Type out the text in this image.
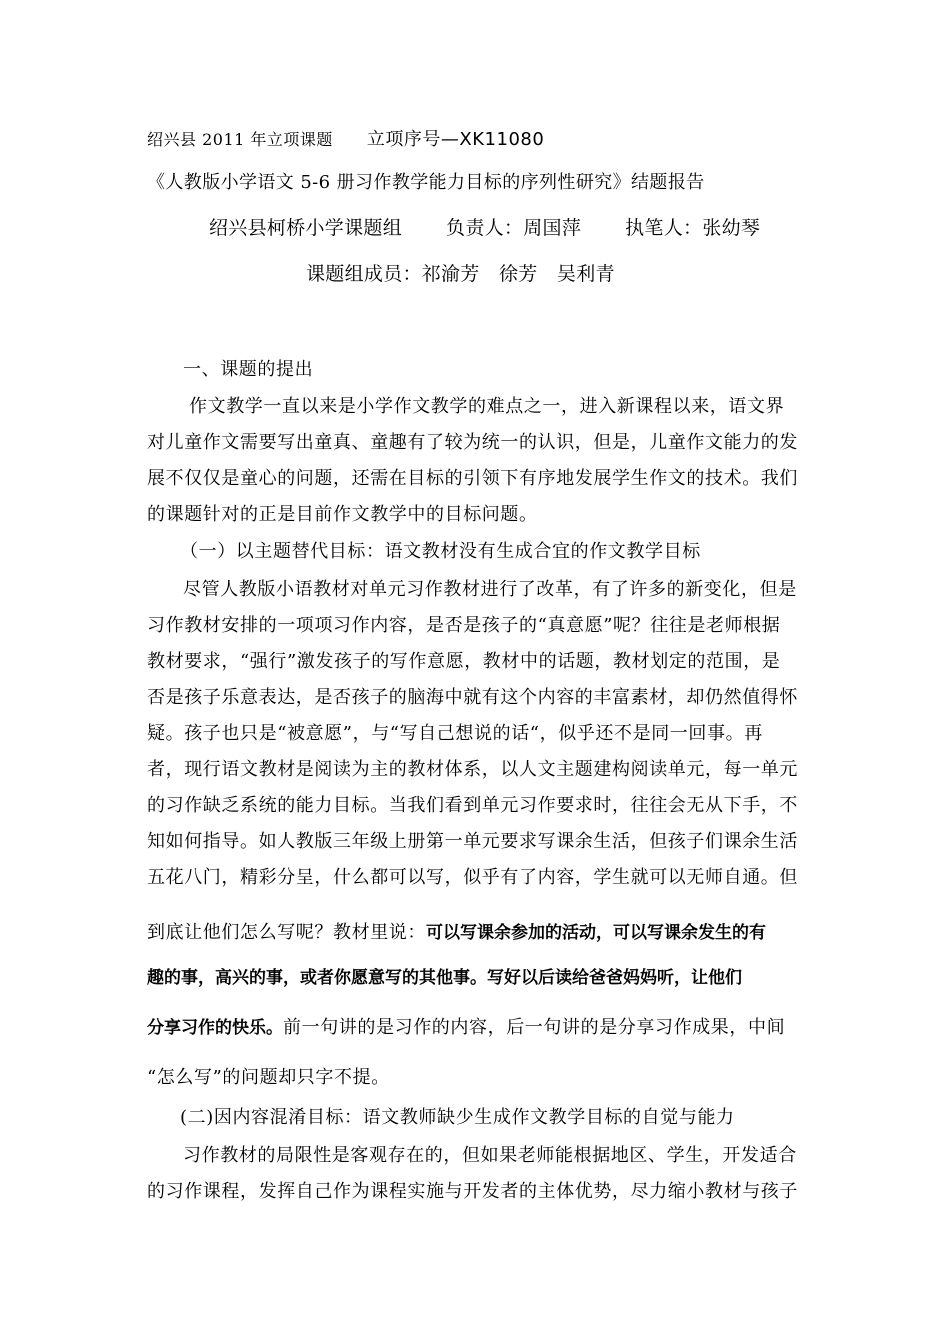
绍兴县 2011 年立项课题 立项序号—XK11080
《人教版小学语文 5-6 册习作教学能力目标的序列性研究》结题报告
绍兴县柯桥小学课题组 负责人：周国萍 执笔人：张幼琴
课题组成员：祁渝芳　徐芳　吴利青
一、课题的提出
作文教学一直以来是小学作文教学的难点之一，进入新课程以来，语文界
对儿童作文需要写出童真、童趣有了较为统一的认识，但是，儿童作文能力的发
展不仅仅是童心的问题，还需在目标的引领下有序地发展学生作文的技术。我们
的课题针对的正是目前作文教学中的目标问题。
（一）以主题替代目标：语文教材没有生成合宜的作文教学目标
尽管人教版小语教材对单元习作教材进行了改革，有了许多的新变化，但是
习作教材安排的一项项习作内容，是否是孩子的“真意愿”呢？往往是老师根据
教材要求，“强行”激发孩子的写作意愿，教材中的话题，教材划定的范围，是
否是孩子乐意表达，是否孩子的脑海中就有这个内容的丰富素材，却仍然值得怀
疑。孩子也只是“被意愿”，与“写自己想说的话“，似乎还不是同一回事。再
者，现行语文教材是阅读为主的教材体系，以人文主题建构阅读单元，每一单元
的习作缺乏系统的能力目标。当我们看到单元习作要求时，往往会无从下手，不
知如何指导。如人教版三年级上册第一单元要求写课余生活，但孩子们课余生活
五花八门，精彩分呈，什么都可以写，似乎有了内容，学生就可以无师自通。但
到底让他们怎么写呢？教材里说：可以写课余参加的活动，可以写课余发生的有
趣的事，高兴的事，或者你愿意写的其他事。写好以后读给爸爸妈妈听，让他们
分享习作的快乐。前一句讲的是习作的内容，后一句讲的是分享习作成果，中间
“怎么写”的问题却只字不提。
(二)因内容混淆目标：语文教师缺少生成作文教学目标的自觉与能力
习作教材的局限性是客观存在的，但如果老师能根据地区、学生，开发适合
的习作课程，发挥自己作为课程实施与开发者的主体优势，尽力缩小教材与孩子
